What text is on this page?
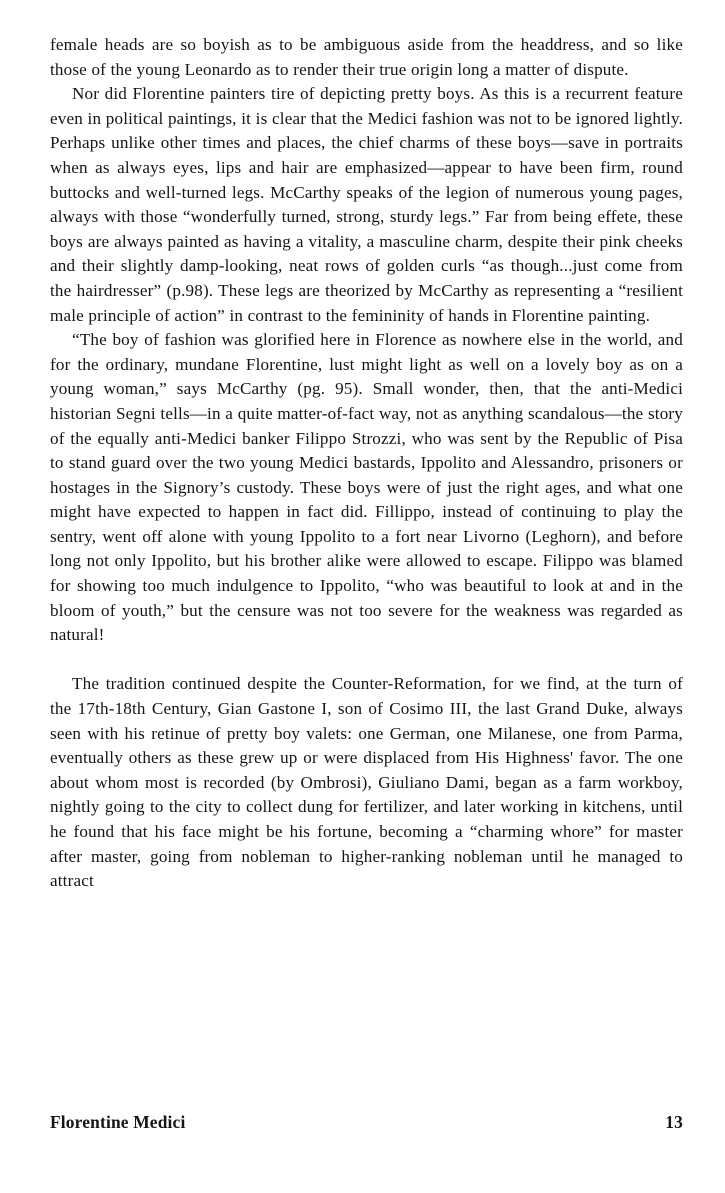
female heads are so boyish as to be ambiguous aside from the headdress, and so like those of the young Leonardo as to render their true origin long a matter of dispute.

Nor did Florentine painters tire of depicting pretty boys. As this is a recurrent feature even in political paintings, it is clear that the Medici fashion was not to be ignored lightly. Perhaps unlike other times and places, the chief charms of these boys—save in portraits when as always eyes, lips and hair are emphasized—appear to have been firm, round buttocks and well-turned legs. McCarthy speaks of the legion of numerous young pages, always with those “wonderfully turned, strong, sturdy legs.” Far from being effete, these boys are always painted as having a vitality, a masculine charm, despite their pink cheeks and their slightly damp-looking, neat rows of golden curls “as though...just come from the hairdresser” (p.98). These legs are theorized by McCarthy as representing a “resilient male principle of action” in contrast to the femininity of hands in Florentine painting.

“The boy of fashion was glorified here in Florence as nowhere else in the world, and for the ordinary, mundane Florentine, lust might light as well on a lovely boy as on a young woman,” says McCarthy (pg. 95). Small wonder, then, that the anti-Medici historian Segni tells—in a quite matter-of-fact way, not as anything scandalous—the story of the equally anti-Medici banker Filippo Strozzi, who was sent by the Republic of Pisa to stand guard over the two young Medici bastards, Ippolito and Alessandro, prisoners or hostages in the Signory’s custody. These boys were of just the right ages, and what one might have expected to happen in fact did. Fillippo, instead of continuing to play the sentry, went off alone with young Ippolito to a fort near Livorno (Leghorn), and before long not only Ippolito, but his brother alike were allowed to escape. Filippo was blamed for showing too much indulgence to Ippolito, “who was beautiful to look at and in the bloom of youth,” but the censure was not too severe for the weakness was regarded as natural!

The tradition continued despite the Counter-Reformation, for we find, at the turn of the 17th-18th Century, Gian Gastone I, son of Cosimo III, the last Grand Duke, always seen with his retinue of pretty boy valets: one German, one Milanese, one from Parma, eventually others as these grew up or were displaced from His Highness' favor. The one about whom most is recorded (by Ombrosi), Giuliano Dami, began as a farm workboy, nightly going to the city to collect dung for fertilizer, and later working in kitchens, until he found that his face might be his fortune, becoming a “charming whore” for master after master, going from nobleman to higher-ranking nobleman until he managed to attract

Florentine Medici	13
